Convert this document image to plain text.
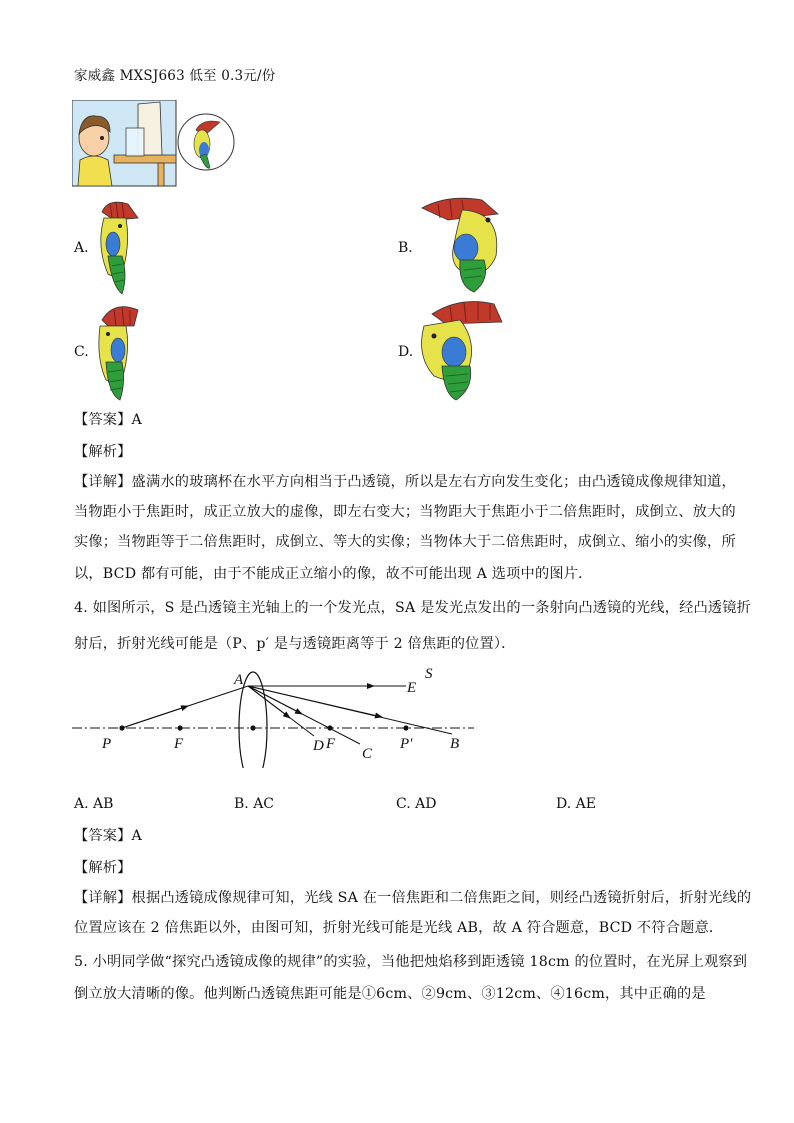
家威鑫 MXSJ663 低至 0.3元/份
A.	B.
C.	D.
【答案】A
【解析】
【详解】盛满水的玻璃杯在水平方向相当于凸透镜，所以是左右方向发生变化；由凸透镜成像规律知道，
当物距小于焦距时，成正立放大的虚像，即左右变大；当物距大于焦距小于二倍焦距时，成倒立、放大的
实像；当物距等于二倍焦距时，成倒立、等大的实像；当物体大于二倍焦距时，成倒立、缩小的实像，所
以，BCD 都有可能，由于不能成正立缩小的像，故不可能出现 A 选项中的图片．
4. 如图所示，S 是凸透镜主光轴上的一个发光点，SA 是发光点发出的一条射向凸透镜的光线，经凸透镜折
射后，折射光线可能是（P、p′ 是与透镜距离等于 2 倍焦距的位置）．
A	E
S
P	F	D F
C
P′	B
A. AB	B. AC	C. AD	D. AE
【答案】A
【解析】
【详解】根据凸透镜成像规律可知，光线 SA 在一倍焦距和二倍焦距之间，则经凸透镜折射后，折射光线的
位置应该在 2 倍焦距以外，由图可知，折射光线可能是光线 AB，故 A 符合题意，BCD 不符合题意．
5. 小明同学做“探究凸透镜成像的规律”的实验，当他把烛焰移到距透镜 18cm 的位置时，在光屏上观察到
倒立放大清晰的像。他判断凸透镜焦距可能是①6cm、②9cm、③12cm、④16cm，其中正确的是
